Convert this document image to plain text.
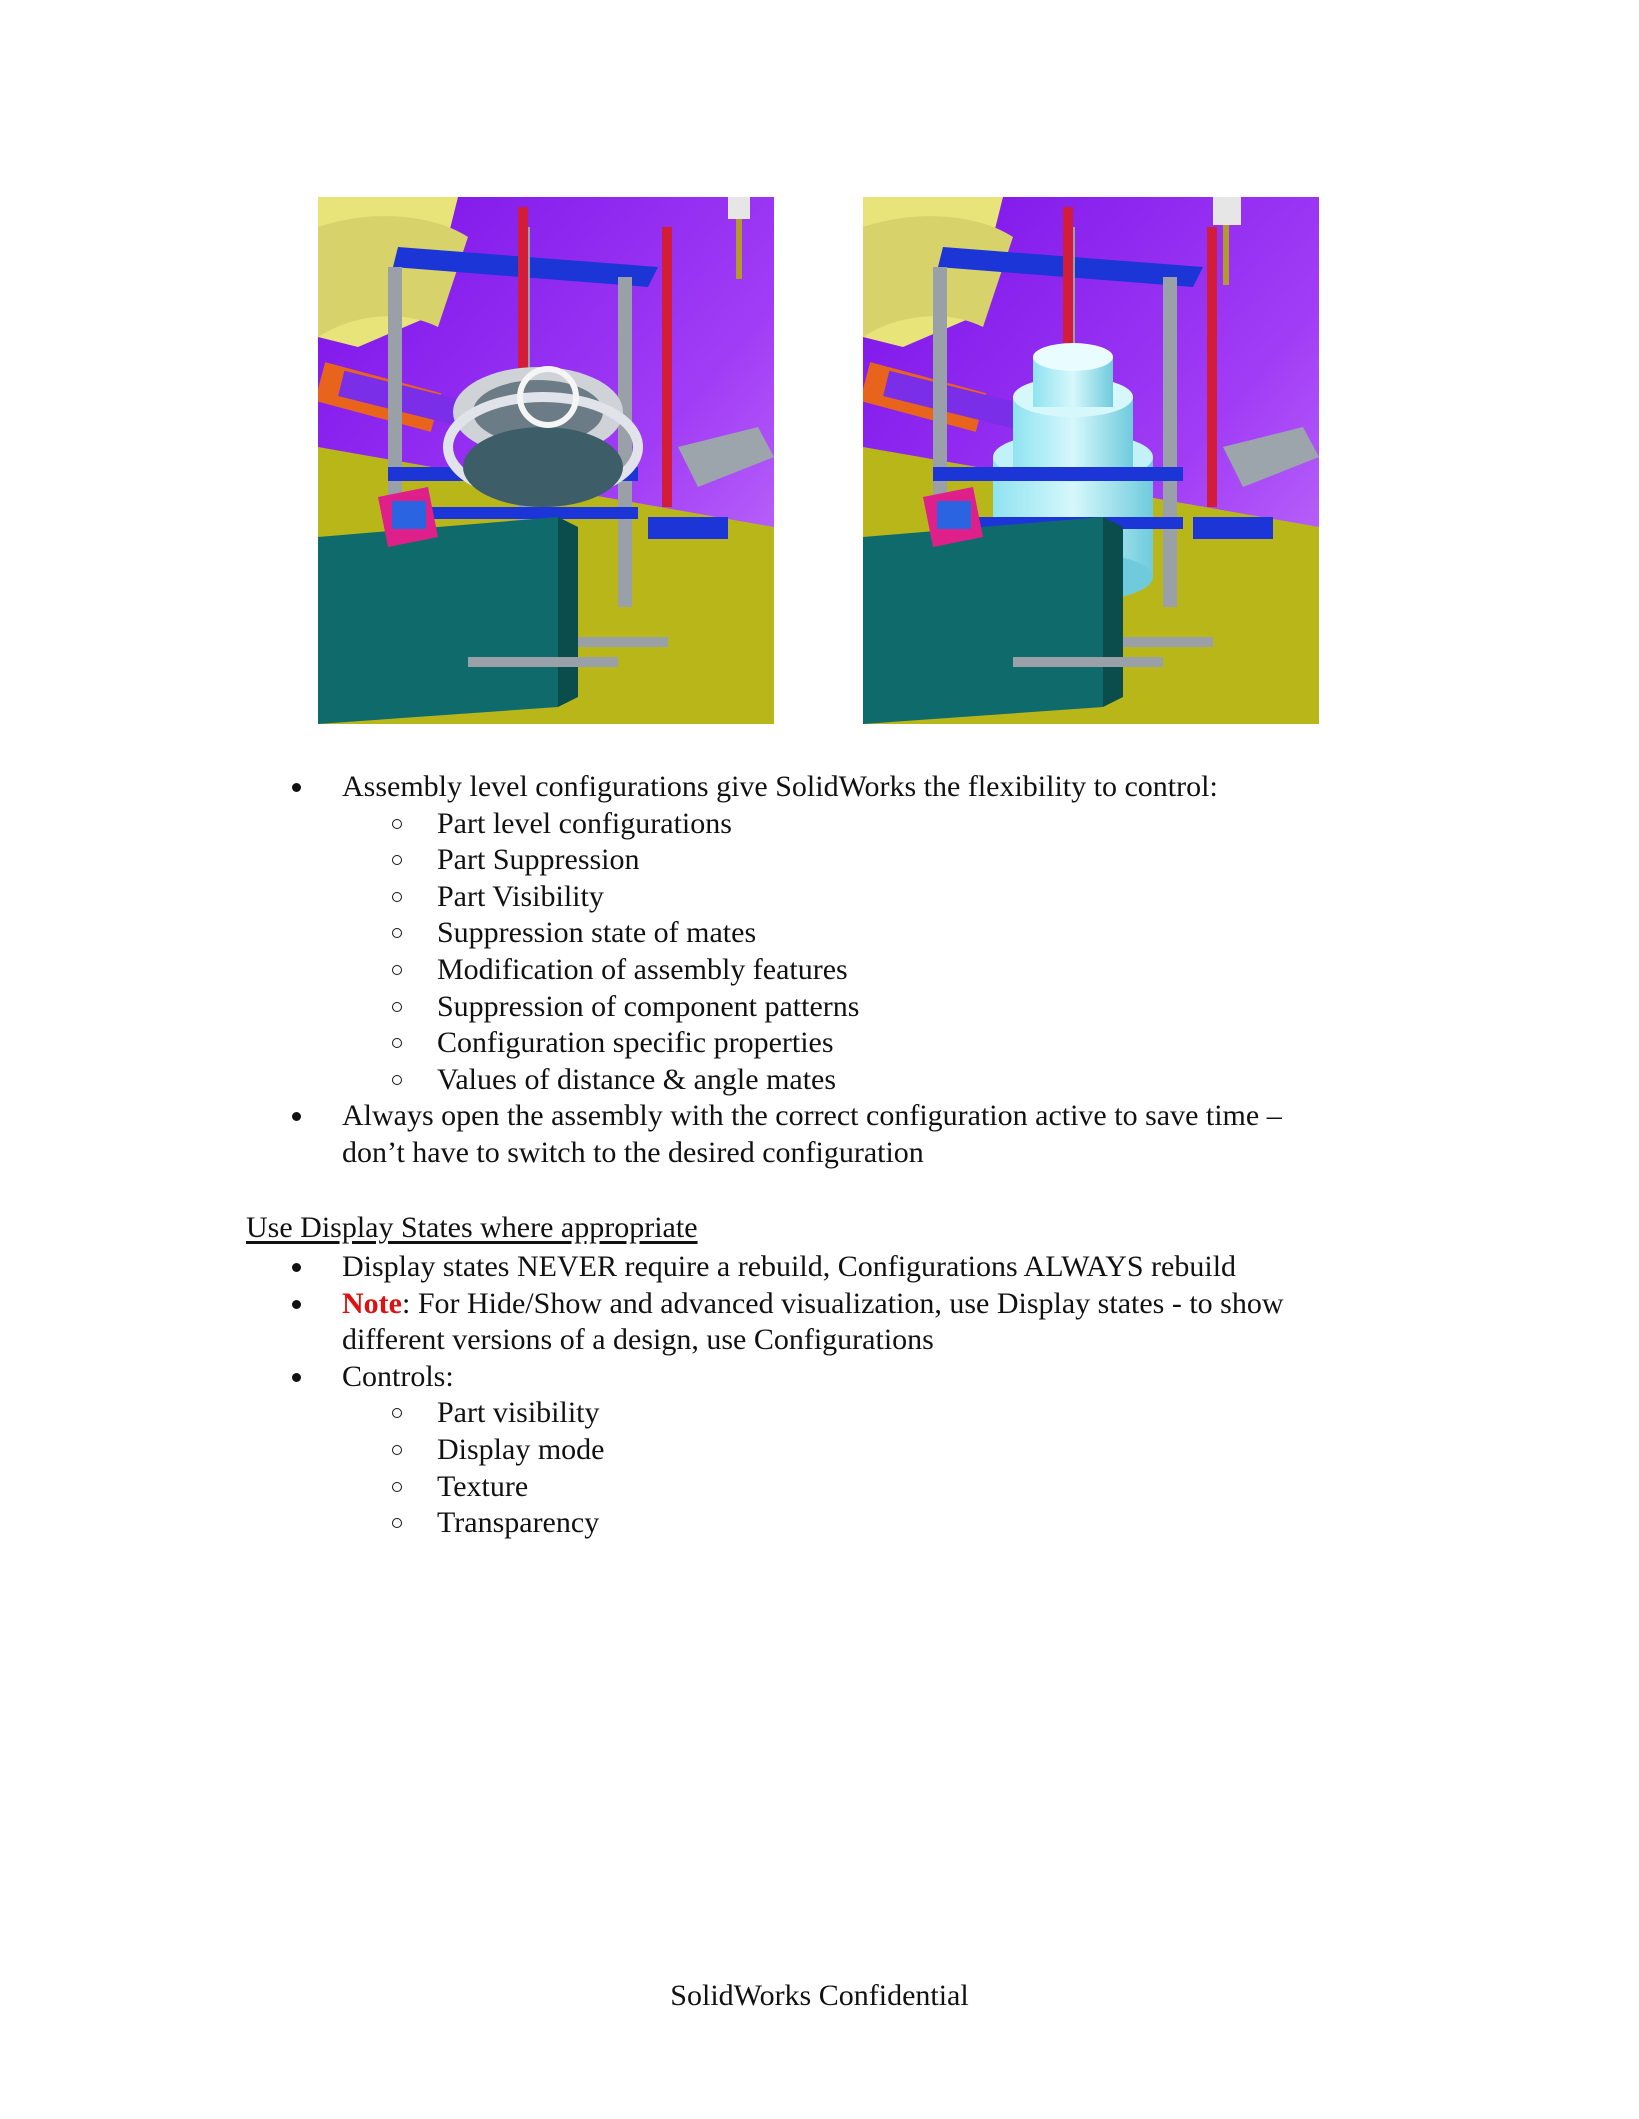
Assembly level configurations give SolidWorks the flexibility to control:
Part level configurations
Part Suppression
Part Visibility
Suppression state of mates
Modification of assembly features
Suppression of component patterns
Configuration specific properties
Values of distance & angle mates
Always open the assembly with the correct configuration active to save time –
don’t have to switch to the desired configuration
Use Display States where appropriate
Display states NEVER require a rebuild, Configurations ALWAYS rebuild
Note: For Hide/Show and advanced visualization, use Display states - to show
different versions of a design, use Configurations
Controls:
Part visibility
Display mode
Texture
Transparency
SolidWorks Confidential
